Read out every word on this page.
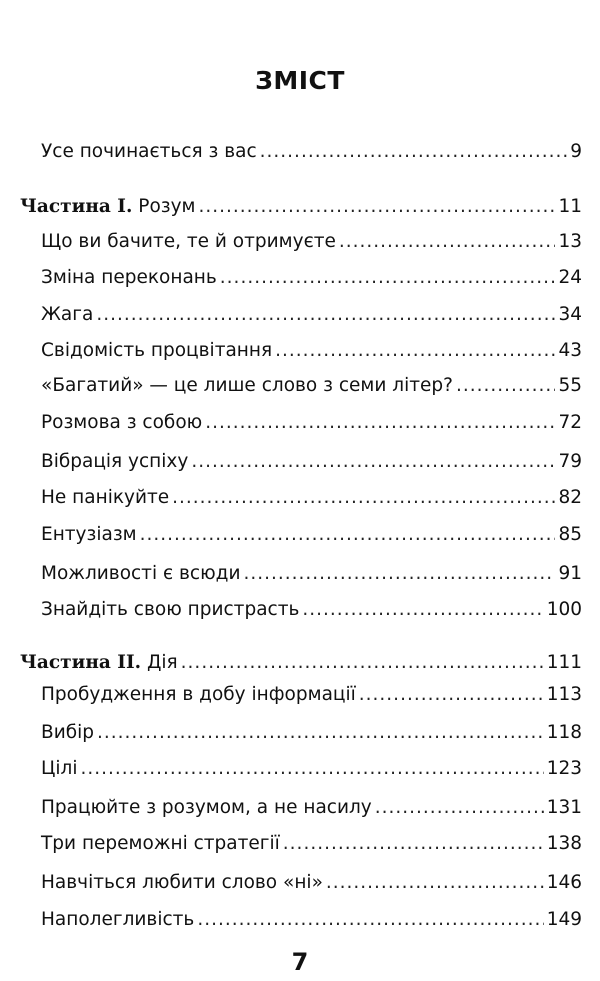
ЗМІСТ
Усе починається з вас .....	9
Частина I. Розум .....	11
Що ви бачите, те й отримуєте .....	13
Зміна переконань .....	24
Жага .....	34
Свідомість процвітання .....	43
«Багатий» — це лише слово з семи літер? .....	55
Розмова з собою .....	72
Вібрація успіху .....	79
Не панікуйте .....	82
Ентузіазм .....	85
Можливості є всюди .....	91
Знайдіть свою пристрасть .....	100
Частина II. Дія .....	111
Пробудження в добу інформації .....	113
Вибір .....	118
Цілі .....	123
Працюйте з розумом, а не насилу .....	131
Три переможні стратегії .....	138
Навчіться любити слово «ні» .....	146
Наполегливість .....	149
7
